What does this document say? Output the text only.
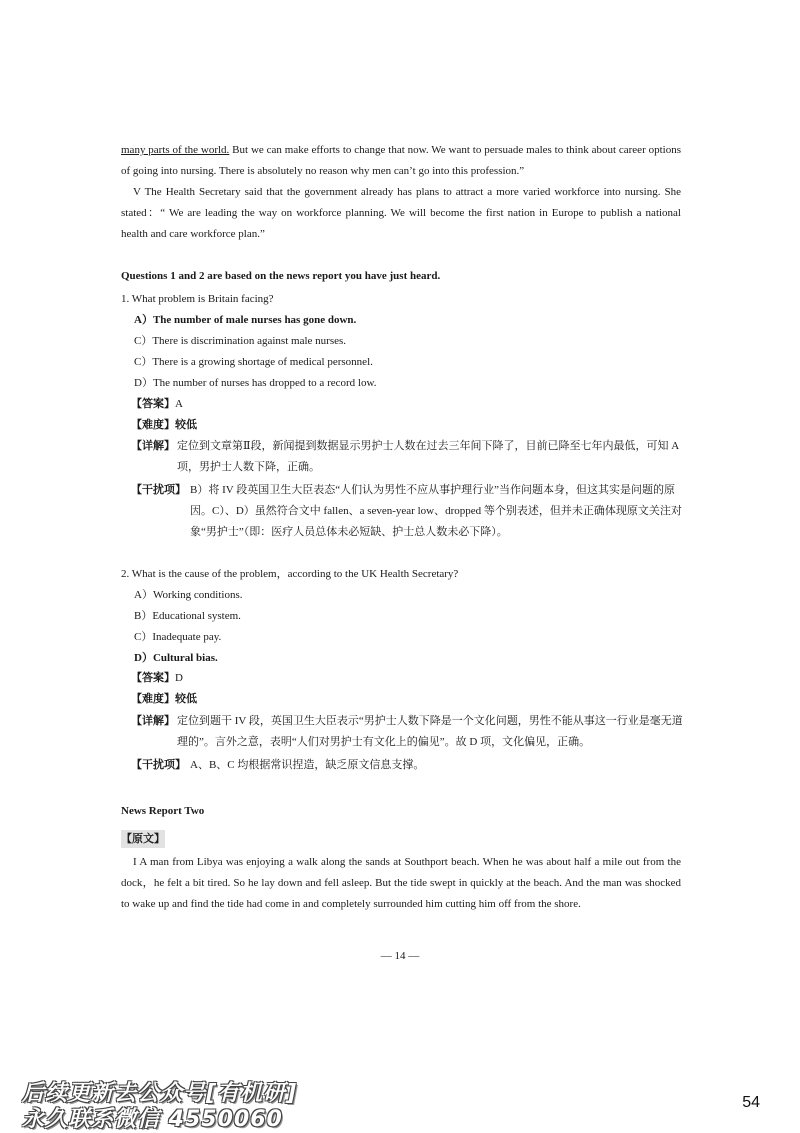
many parts of the world. But we can make efforts to change that now. We want to persuade males to think about career options of going into nursing. There is absolutely no reason why men can’t go into this profession.”

V The Health Secretary said that the government already has plans to attract a more varied workforce into nursing. She stated：“ We are leading the way on workforce planning. We will become the first nation in Europe to publish a national health and care workforce plan.”

Questions 1 and 2 are based on the news report you have just heard.

1. What problem is Britain facing?

A）The number of male nurses has gone down.

C）There is discrimination against male nurses.

C）There is a growing shortage of medical personnel.

D）The number of nurses has dropped to a record low.

【答案】A
【难度】较低
【详解】 定位到文章第Ⅱ段，新闻提到数据显示男护士人数在过去三年间下降了，目前已降至七年内最低，可知 A 项，男护士人数下降，正确。
【干扰项】 B）将 IV 段英国卫生大臣表态“人们认为男性不应从事护理行业”当作问题本身，但这其实是问题的原因。C）、D）虽然符合文中 fallen、a seven-year low、dropped 等个别表述，但并未正确体现原文关注对象“男护士”（即：医疗人员总体未必短缺、护士总人数未必下降）。

2. What is the cause of the problem，according to the UK Health Secretary?

A）Working conditions.

B）Educational system.

C）Inadequate pay.

D）Cultural bias.

【答案】D
【难度】较低
【详解】 定位到题干 IV 段，英国卫生大臣表示“男护士人数下降是一个文化问题，男性不能从事这一行业是毫无道理的”。言外之意，表明“人们对男护士有文化上的偏见”。故 D 项，文化偏见，正确。
【干扰项】 A、B、C 均根据常识捏造，缺乏原文信息支撑。

News Report Two

【原文】

I A man from Libya was enjoying a walk along the sands at Southport beach. When he was about half a mile out from the dock，he felt a bit tired. So he lay down and fell asleep. But the tide swept in quickly at the beach. And the man was shocked to wake up and find the tide had come in and completely surrounded him cutting him off from the shore.

— 14 —
后续更新去公众号[有机研]
永久联系微信 4550060
54
